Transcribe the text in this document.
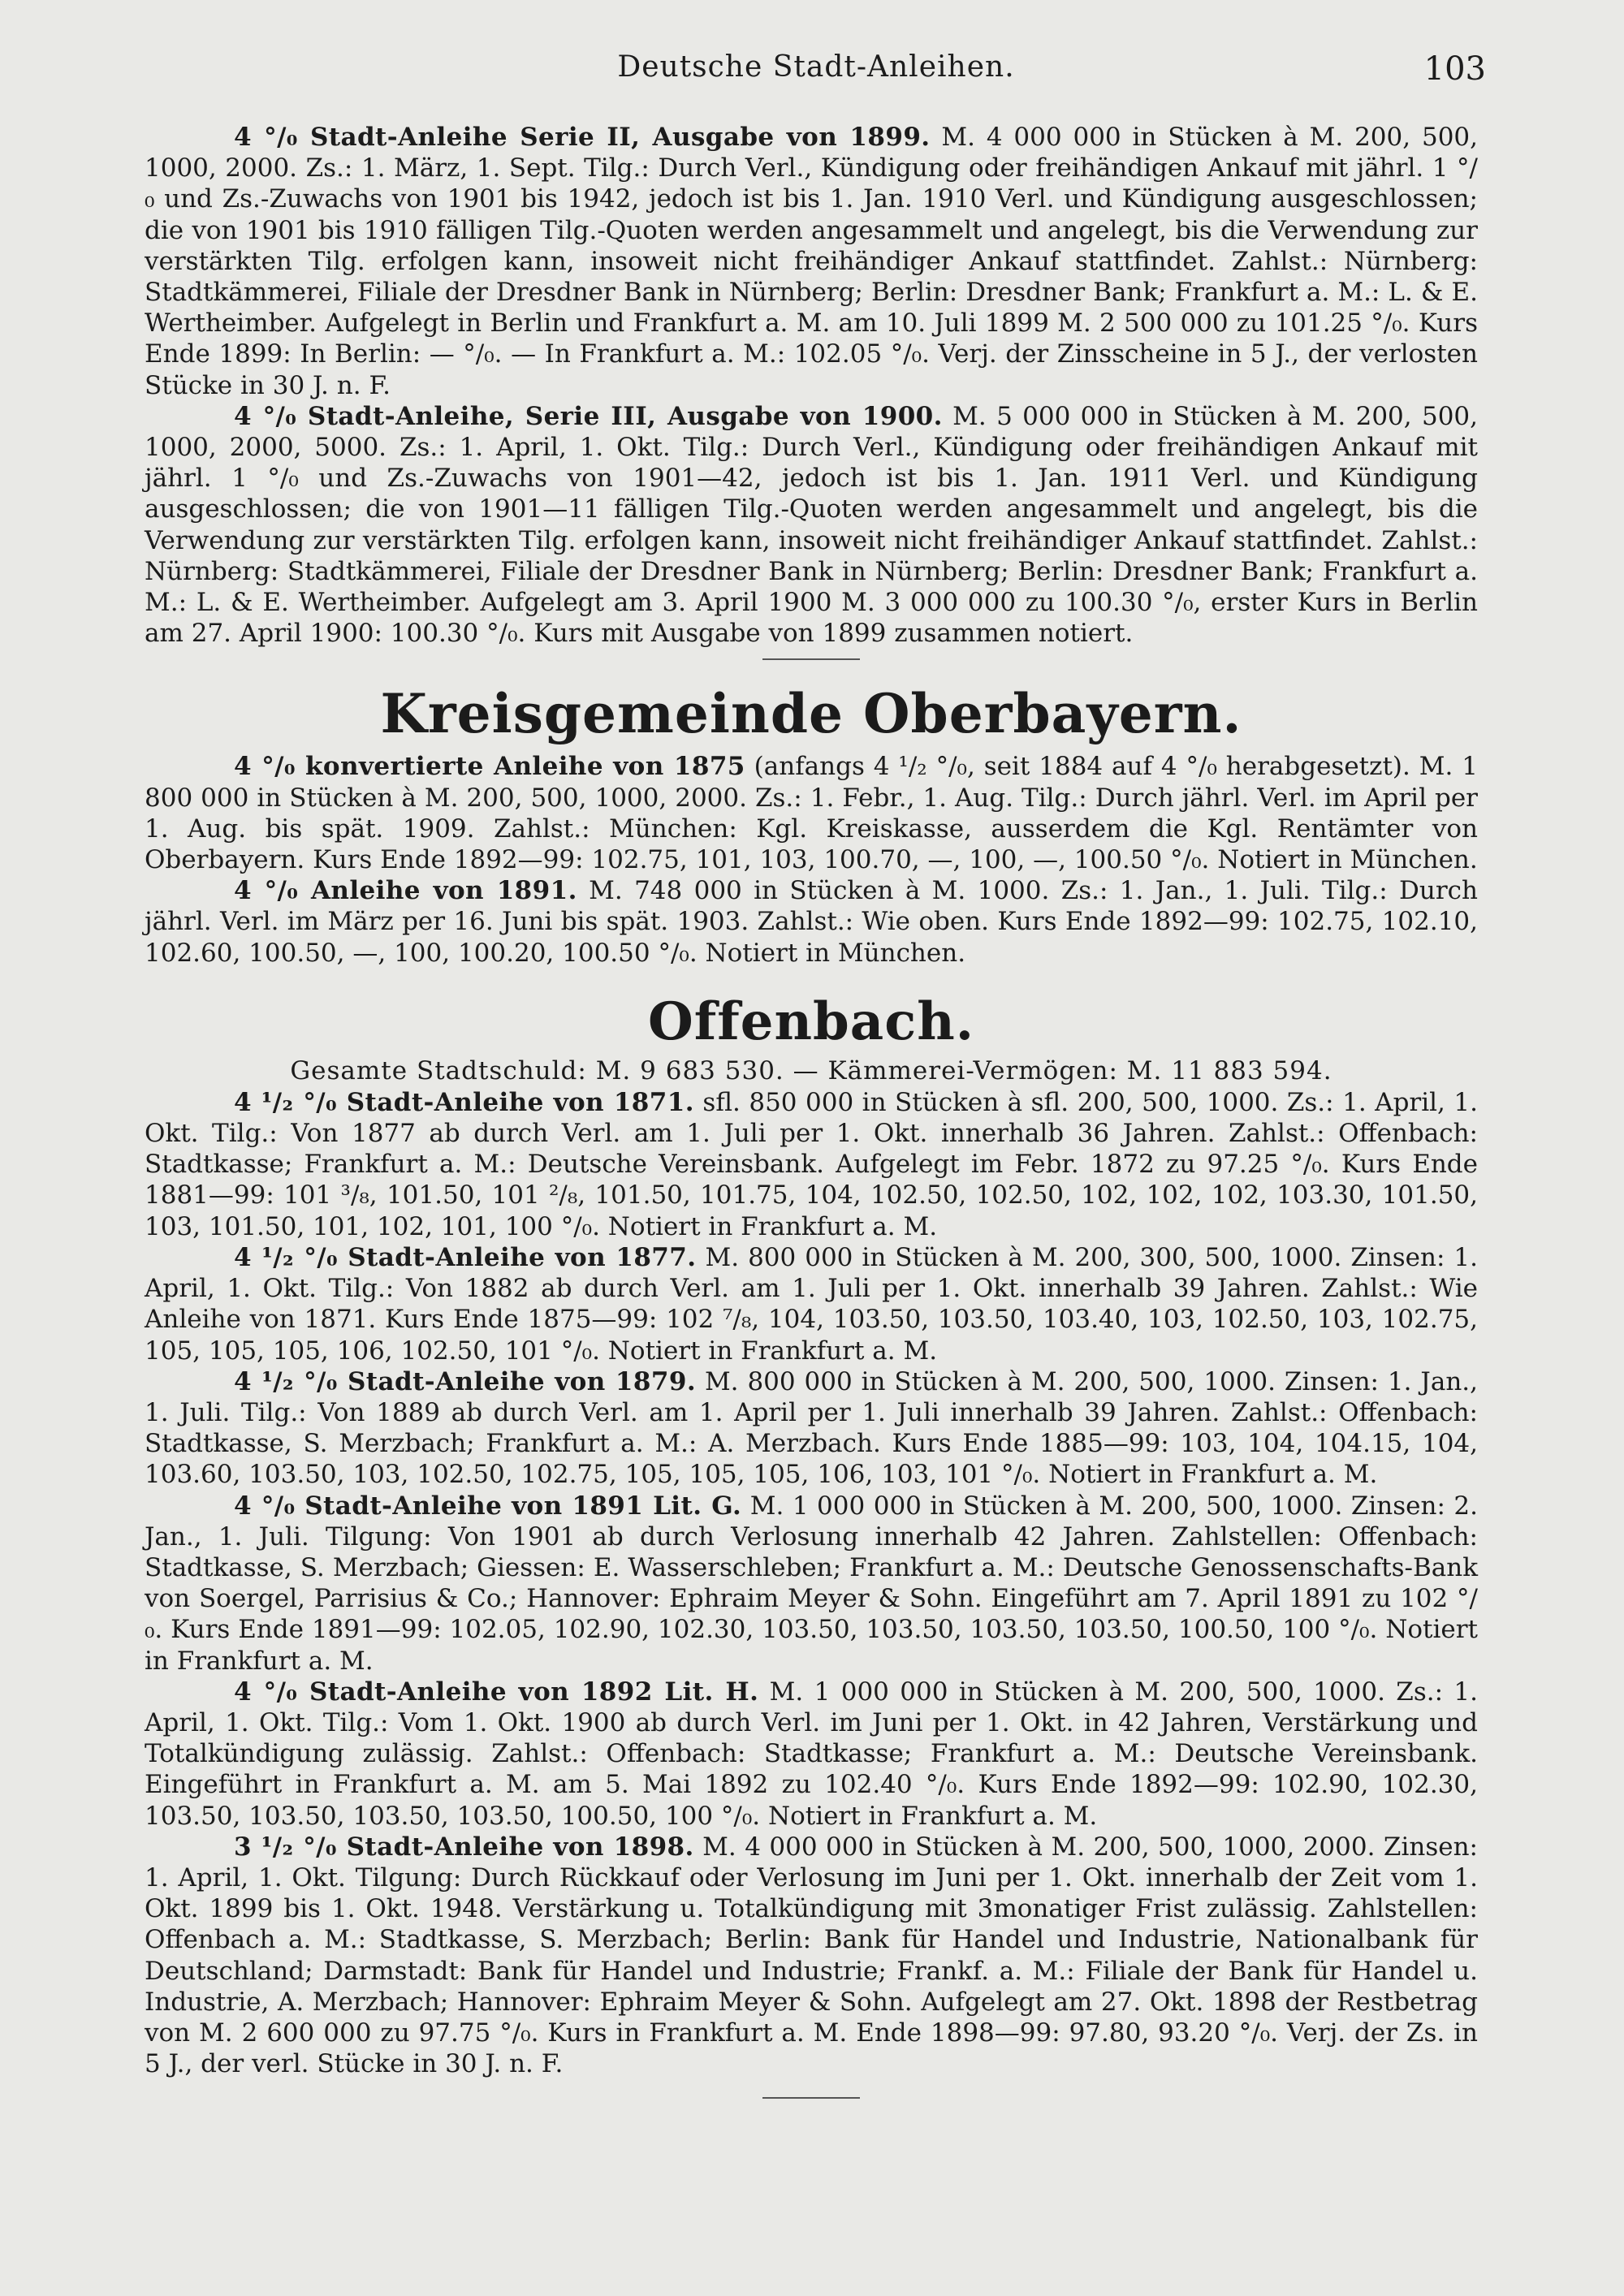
Deutsche Stadt-Anleihen.	103

4 °/₀ Stadt-Anleihe Serie II, Ausgabe von 1899. M. 4 000 000 in Stücken à M. 200, 500, 1000, 2000. Zs.: 1. März, 1. Sept. Tilg.: Durch Verl., Kündigung oder freihändigen Ankauf mit jährl. 1 °/₀ und Zs.-Zuwachs von 1901 bis 1942, jedoch ist bis 1. Jan. 1910 Verl. und Kündigung ausgeschlossen; die von 1901 bis 1910 fälligen Tilg.-Quoten werden angesammelt und angelegt, bis die Verwendung zur verstärkten Tilg. erfolgen kann, insoweit nicht freihändiger Ankauf stattfindet. Zahlst.: Nürnberg: Stadtkämmerei, Filiale der Dresdner Bank in Nürnberg; Berlin: Dresdner Bank; Frankfurt a. M.: L. & E. Wertheimber. Aufgelegt in Berlin und Frankfurt a. M. am 10. Juli 1899 M. 2 500 000 zu 101.25 °/₀. Kurs Ende 1899: In Berlin: — °/₀. — In Frankfurt a. M.: 102.05 °/₀. Verj. der Zinsscheine in 5 J., der verlosten Stücke in 30 J. n. F.

4 °/₀ Stadt-Anleihe, Serie III, Ausgabe von 1900. M. 5 000 000 in Stücken à M. 200, 500, 1000, 2000, 5000. Zs.: 1. April, 1. Okt. Tilg.: Durch Verl., Kündigung oder freihändigen Ankauf mit jährl. 1 °/₀ und Zs.-Zuwachs von 1901—42, jedoch ist bis 1. Jan. 1911 Verl. und Kündigung ausgeschlossen; die von 1901—11 fälligen Tilg.-Quoten werden angesammelt und angelegt, bis die Verwendung zur verstärkten Tilg. erfolgen kann, insoweit nicht freihändiger Ankauf stattfindet. Zahlst.: Nürnberg: Stadtkämmerei, Filiale der Dresdner Bank in Nürnberg; Berlin: Dresdner Bank; Frankfurt a. M.: L. & E. Wertheimber. Aufgelegt am 3. April 1900 M. 3 000 000 zu 100.30 °/₀, erster Kurs in Berlin am 27. April 1900: 100.30 °/₀. Kurs mit Ausgabe von 1899 zusammen notiert.

Kreisgemeinde Oberbayern.

4 °/₀ konvertierte Anleihe von 1875 (anfangs 4 ¹/₂ °/₀, seit 1884 auf 4 °/₀ herabgesetzt). M. 1 800 000 in Stücken à M. 200, 500, 1000, 2000. Zs.: 1. Febr., 1. Aug. Tilg.: Durch jährl. Verl. im April per 1. Aug. bis spät. 1909. Zahlst.: München: Kgl. Kreiskasse, ausserdem die Kgl. Rentämter von Oberbayern. Kurs Ende 1892—99: 102.75, 101, 103, 100.70, —, 100, —, 100.50 °/₀. Notiert in München.

4 °/₀ Anleihe von 1891. M. 748 000 in Stücken à M. 1000. Zs.: 1. Jan., 1. Juli. Tilg.: Durch jährl. Verl. im März per 16. Juni bis spät. 1903. Zahlst.: Wie oben. Kurs Ende 1892—99: 102.75, 102.10, 102.60, 100.50, —, 100, 100.20, 100.50 °/₀. Notiert in München.

Offenbach.

Gesamte Stadtschuld: M. 9 683 530. — Kämmerei-Vermögen: M. 11 883 594.

4 ¹/₂ °/₀ Stadt-Anleihe von 1871. sfl. 850 000 in Stücken à sfl. 200, 500, 1000. Zs.: 1. April, 1. Okt. Tilg.: Von 1877 ab durch Verl. am 1. Juli per 1. Okt. innerhalb 36 Jahren. Zahlst.: Offenbach: Stadtkasse; Frankfurt a. M.: Deutsche Vereinsbank. Aufgelegt im Febr. 1872 zu 97.25 °/₀. Kurs Ende 1881—99: 101 ³/₈, 101.50, 101 ²/₈, 101.50, 101.75, 104, 102.50, 102.50, 102, 102, 102, 103.30, 101.50, 103, 101.50, 101, 102, 101, 100 °/₀. Notiert in Frankfurt a. M.

4 ¹/₂ °/₀ Stadt-Anleihe von 1877. M. 800 000 in Stücken à M. 200, 300, 500, 1000. Zinsen: 1. April, 1. Okt. Tilg.: Von 1882 ab durch Verl. am 1. Juli per 1. Okt. innerhalb 39 Jahren. Zahlst.: Wie Anleihe von 1871. Kurs Ende 1875—99: 102 ⁷/₈, 104, 103.50, 103.50, 103.40, 103, 102.50, 103, 102.75, 105, 105, 105, 106, 102.50, 101 °/₀. Notiert in Frankfurt a. M.

4 ¹/₂ °/₀ Stadt-Anleihe von 1879. M. 800 000 in Stücken à M. 200, 500, 1000. Zinsen: 1. Jan., 1. Juli. Tilg.: Von 1889 ab durch Verl. am 1. April per 1. Juli innerhalb 39 Jahren. Zahlst.: Offenbach: Stadtkasse, S. Merzbach; Frankfurt a. M.: A. Merzbach. Kurs Ende 1885—99: 103, 104, 104.15, 104, 103.60, 103.50, 103, 102.50, 102.75, 105, 105, 105, 106, 103, 101 °/₀. Notiert in Frankfurt a. M.

4 °/₀ Stadt-Anleihe von 1891 Lit. G. M. 1 000 000 in Stücken à M. 200, 500, 1000. Zinsen: 2. Jan., 1. Juli. Tilgung: Von 1901 ab durch Verlosung innerhalb 42 Jahren. Zahlstellen: Offenbach: Stadtkasse, S. Merzbach; Giessen: E. Wasserschleben; Frankfurt a. M.: Deutsche Genossenschafts-Bank von Soergel, Parrisius & Co.; Hannover: Ephraim Meyer & Sohn. Eingeführt am 7. April 1891 zu 102 °/₀. Kurs Ende 1891—99: 102.05, 102.90, 102.30, 103.50, 103.50, 103.50, 103.50, 100.50, 100 °/₀. Notiert in Frankfurt a. M.

4 °/₀ Stadt-Anleihe von 1892 Lit. H. M. 1 000 000 in Stücken à M. 200, 500, 1000. Zs.: 1. April, 1. Okt. Tilg.: Vom 1. Okt. 1900 ab durch Verl. im Juni per 1. Okt. in 42 Jahren, Verstärkung und Totalkündigung zulässig. Zahlst.: Offenbach: Stadtkasse; Frankfurt a. M.: Deutsche Vereinsbank. Eingeführt in Frankfurt a. M. am 5. Mai 1892 zu 102.40 °/₀. Kurs Ende 1892—99: 102.90, 102.30, 103.50, 103.50, 103.50, 103.50, 100.50, 100 °/₀. Notiert in Frankfurt a. M.

3 ¹/₂ °/₀ Stadt-Anleihe von 1898. M. 4 000 000 in Stücken à M. 200, 500, 1000, 2000. Zinsen: 1. April, 1. Okt. Tilgung: Durch Rückkauf oder Verlosung im Juni per 1. Okt. innerhalb der Zeit vom 1. Okt. 1899 bis 1. Okt. 1948. Verstärkung u. Totalkündigung mit 3monatiger Frist zulässig. Zahlstellen: Offenbach a. M.: Stadtkasse, S. Merzbach; Berlin: Bank für Handel und Industrie, Nationalbank für Deutschland; Darmstadt: Bank für Handel und Industrie; Frankf. a. M.: Filiale der Bank für Handel u. Industrie, A. Merzbach; Hannover: Ephraim Meyer & Sohn. Aufgelegt am 27. Okt. 1898 der Restbetrag von M. 2 600 000 zu 97.75 °/₀. Kurs in Frankfurt a. M. Ende 1898—99: 97.80, 93.20 °/₀. Verj. der Zs. in 5 J., der verl. Stücke in 30 J. n. F.
